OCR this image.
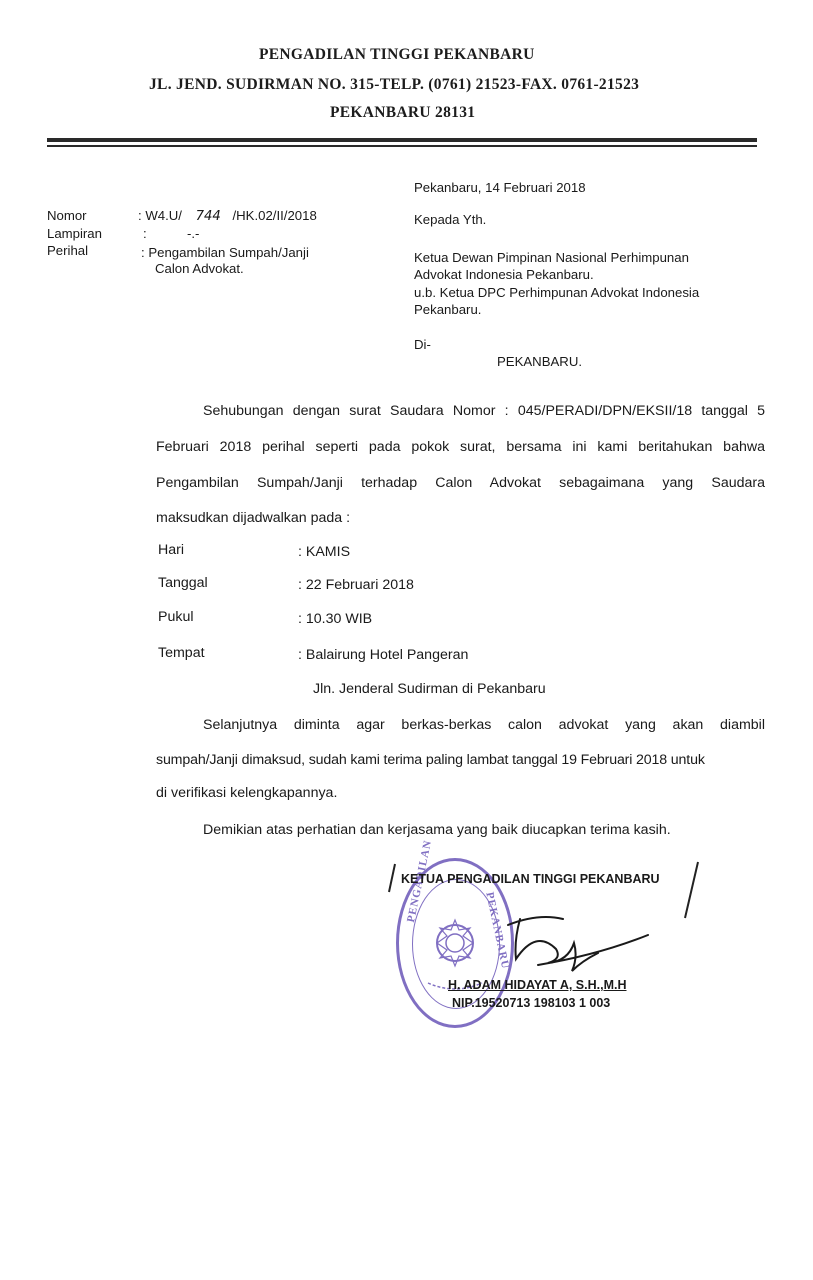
PENGADILAN TINGGI PEKANBARU
JL. JEND. SUDIRMAN NO. 315-TELP. (0761) 21523-FAX. 0761-21523
PEKANBARU 28131
Pekanbaru, 14 Februari 2018
Nomor	: W4.U/ 744 /HK.02/II/2018
Lampiran	:           -.-
Perihal	: Pengambilan Sumpah/Janji
Calon Advokat.
Kepada Yth.
Ketua Dewan Pimpinan Nasional Perhimpunan
Advokat Indonesia Pekanbaru.
u.b. Ketua DPC Perhimpunan Advokat Indonesia
Pekanbaru.
Di-
PEKANBARU.
Sehubungan dengan surat Saudara Nomor : 045/PERADI/DPN/EKSII/18 tanggal 5
Februari 2018 perihal seperti pada pokok surat, bersama ini kami beritahukan bahwa
Pengambilan Sumpah/Janji terhadap Calon Advokat sebagaimana yang Saudara
maksudkan dijadwalkan pada :
Hari	: KAMIS
Tanggal	: 22 Februari 2018
Pukul	: 10.30 WIB
Tempat	: Balairung Hotel Pangeran
Jln. Jenderal Sudirman di Pekanbaru
Selanjutnya diminta agar berkas-berkas calon advokat yang akan diambil
sumpah/Janji dimaksud, sudah kami terima paling lambat tanggal 19 Februari 2018 untuk
di verifikasi kelengkapannya.
Demikian atas perhatian dan kerjasama yang baik diucapkan terima kasih.
PENGADILAN
PEKANBARU
KETUA PENGADILAN TINGGI PEKANBARU
H. ADAM HIDAYAT A, S.H.,M.H
NIP.19520713 198103 1 003
